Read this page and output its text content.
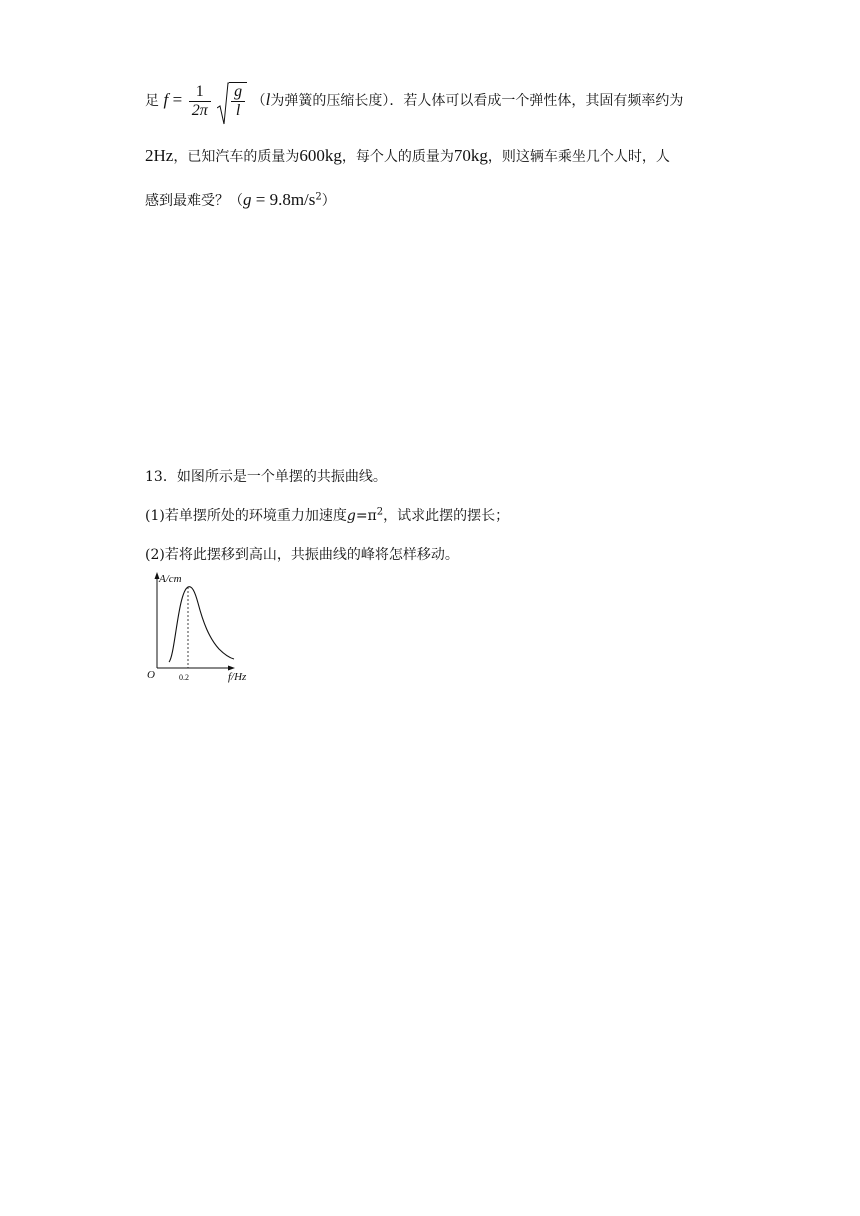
足 $f = \frac{1}{2\pi}$
$\frac{g}{l} (l$为弹簧的压缩长度）．若人体可以看成一个弹性体，其固有频率约为
2Hz，已知汽车的质量为600kg，每个人的质量为70kg，则这辆车乘坐几个人时，人
感到最难受？$(g = 9.8m/s^2)$
13．如图所示是一个单摆的共振曲线。
(1)若单摆所处的环境重力加速度$g=\pi^2$，试求此摆的摆长；
(2)若将此摆移到高山，共振曲线的峰将怎样移动。
A/cm
O	0.2	f/Hz
